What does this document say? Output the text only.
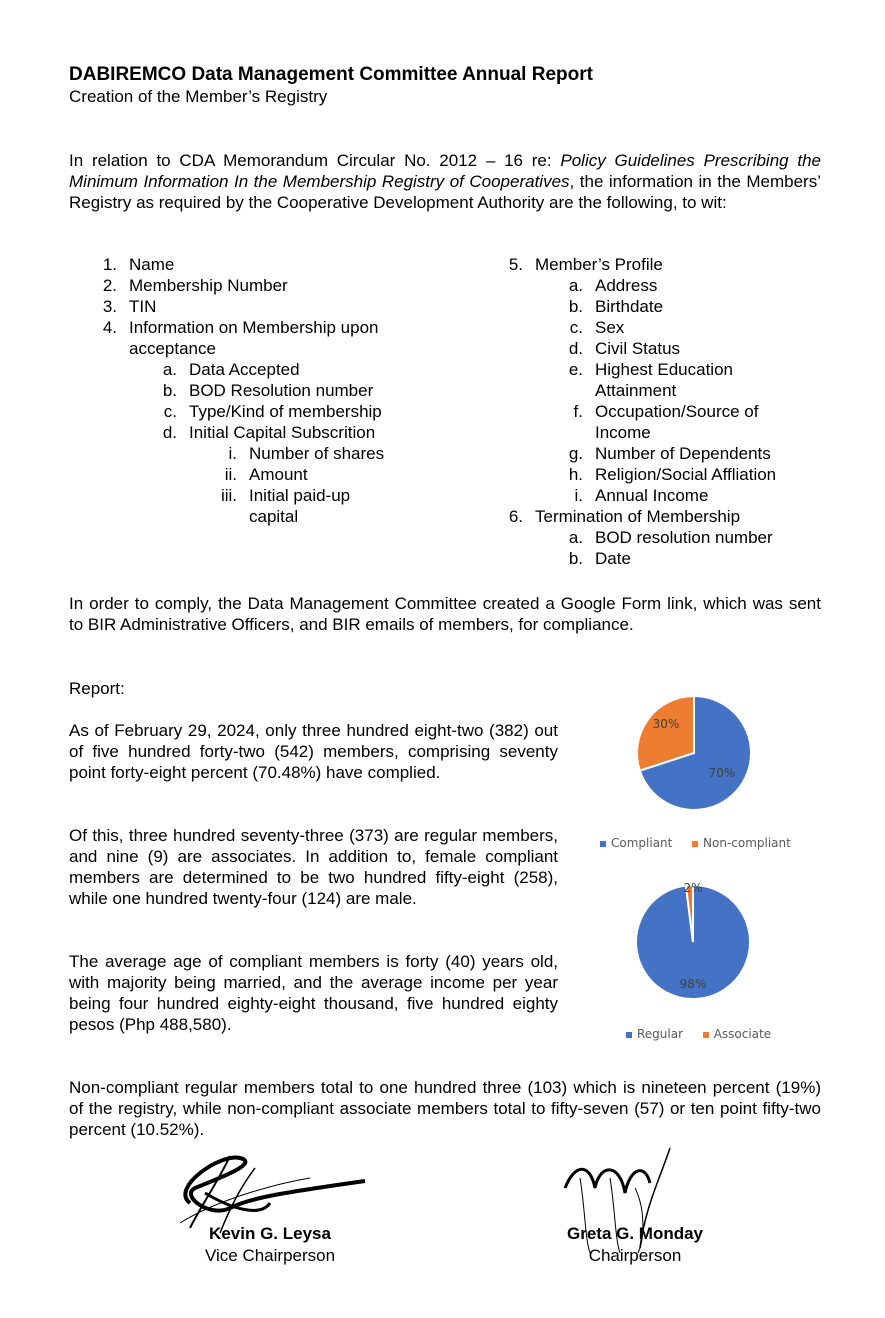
DABIREMCO Data Management Committee Annual Report
Creation of the Member’s Registry
In relation to CDA Memorandum Circular No. 2012 – 16 re: Policy Guidelines Prescribing the Minimum Information In the Membership Registry of Cooperatives, the information in the Members’ Registry as required by the Cooperative Development Authority are the following, to wit:
1. Name
2. Membership Number
3. TIN
4. Information on Membership upon
acceptance
a. Data Accepted
b. BOD Resolution number
c. Type/Kind of membership
d. Initial Capital Subscrition
i. Number of shares
ii. Amount
iii. Initial paid-up
capital
5. Member’s Profile
a. Address
b. Birthdate
c. Sex
d. Civil Status
e. Highest Education
Attainment
f. Occupation/Source of
Income
g. Number of Dependents
h. Religion/Social Affliation
i. Annual Income
6. Termination of Membership
a. BOD resolution number
b. Date
In order to comply, the Data Management Committee created a Google Form link, which was sent to BIR Administrative Officers, and BIR emails of members, for compliance.
Report:
As of February 29, 2024, only three hundred eight-two (382) out of five hundred forty-two (542) members, comprising seventy point forty-eight percent (70.48%) have complied.
Of this, three hundred seventy-three (373) are regular members, and nine (9) are associates. In addition to, female compliant members are determined to be two hundred fifty-eight (258), while one hundred twenty-four (124) are male.
The average age of compliant members is forty (40) years old, with majority being married, and the average income per year being four hundred eighty-eight thousand, five hundred eighty pesos (Php 488,580).
Non-compliant regular members total to one hundred three (103) which is nineteen percent (19%) of the registry, while non-compliant associate members total to fifty-seven (57) or ten point fifty-two percent (10.52%).
70%
30%
Compliant	Non-compliant
98%
2%
Regular	Associate
Kevin G. Leysa
Vice Chairperson
Greta G. Monday
Chairperson
